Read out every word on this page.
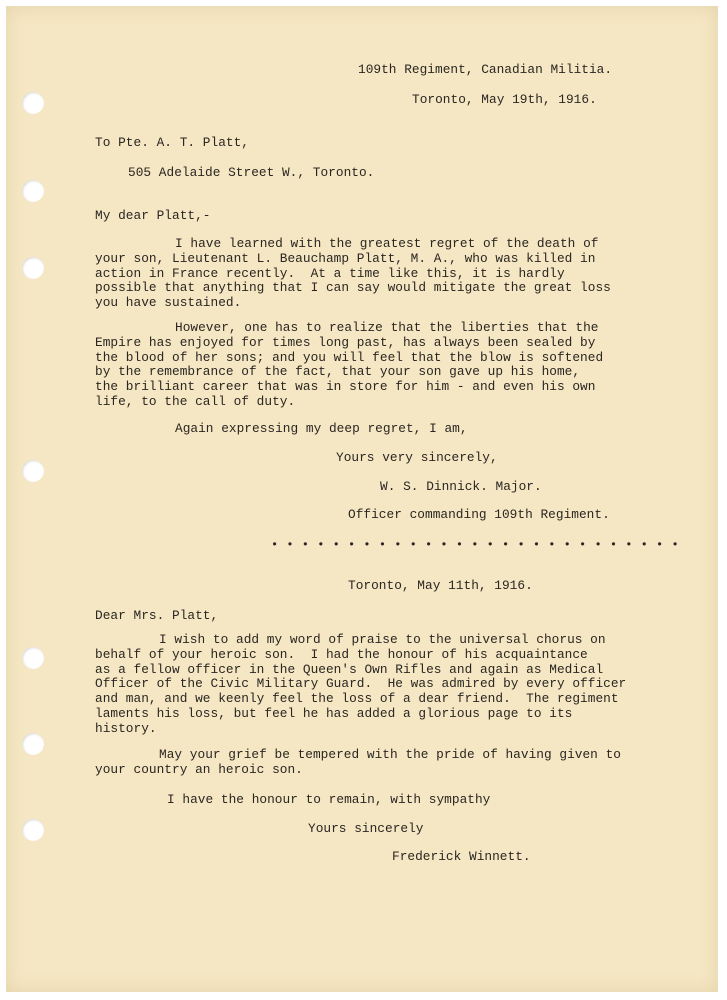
109th Regiment, Canadian Militia.
Toronto, May 19th, 1916.
To Pte. A. T. Platt,
505 Adelaide Street W., Toronto.
My dear Platt,-
I have learned with the greatest regret of the death of
your son, Lieutenant L. Beauchamp Platt, M. A., who was killed in
action in France recently.  At a time like this, it is hardly
possible that anything that I can say would mitigate the great loss
you have sustained.
However, one has to realize that the liberties that the
Empire has enjoyed for times long past, has always been sealed by
the blood of her sons; and you will feel that the blow is softened
by the remembrance of the fact, that your son gave up his home,
the brilliant career that was in store for him - and even his own
life, to the call of duty.
Again expressing my deep regret, I am,
Yours very sincerely,
W. S. Dinnick. Major.
Officer commanding 109th Regiment.
• • • • • • • • • • • • • • • • • • • • • • • • • • •
Toronto, May 11th, 1916.
Dear Mrs. Platt,
I wish to add my word of praise to the universal chorus on
behalf of your heroic son.  I had the honour of his acquaintance
as a fellow officer in the Queen's Own Rifles and again as Medical
Officer of the Civic Military Guard.  He was admired by every officer
and man, and we keenly feel the loss of a dear friend.  The regiment
laments his loss, but feel he has added a glorious page to its
history.
May your grief be tempered with the pride of having given to
your country an heroic son.
I have the honour to remain, with sympathy
Yours sincerely
Frederick Winnett.
